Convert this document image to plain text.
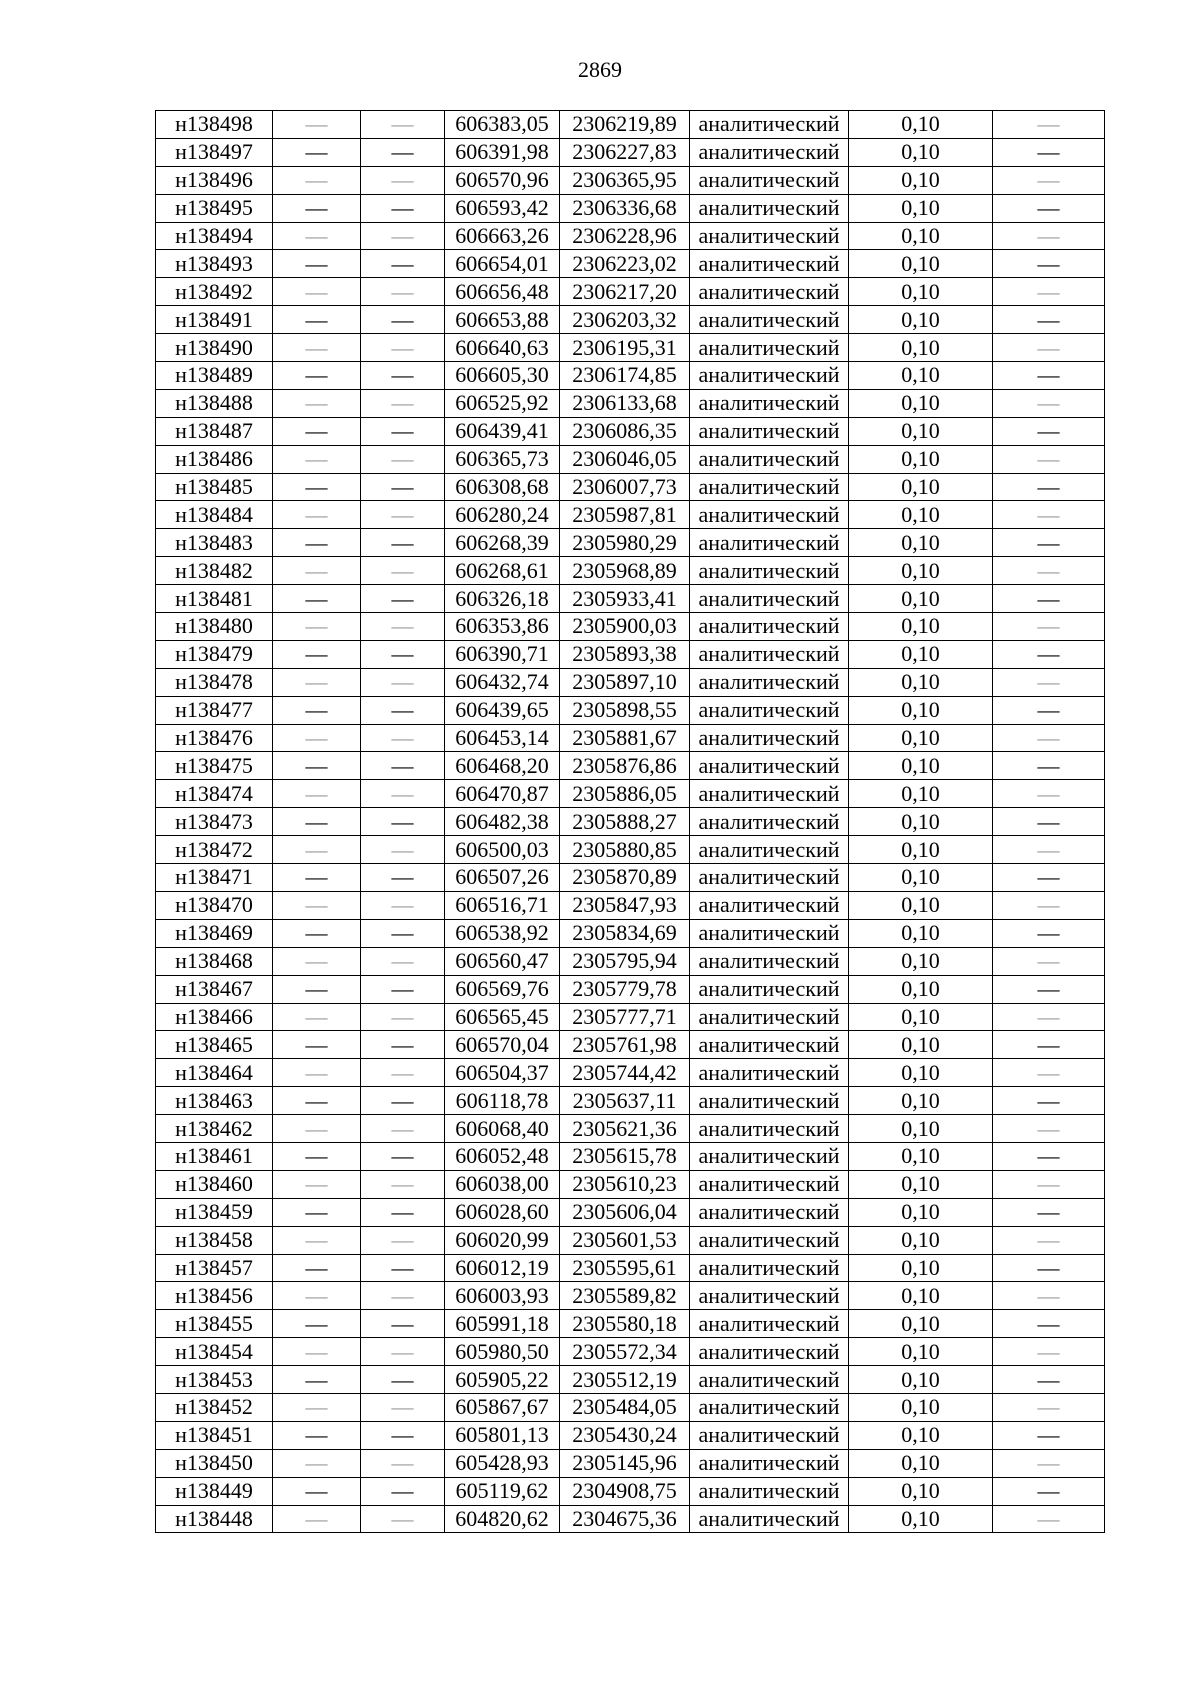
2869
н138498	—	—	606383,05	2306219,89	аналитический	0,10	—
н138497	—	—	606391,98	2306227,83	аналитический	0,10	—
н138496	—	—	606570,96	2306365,95	аналитический	0,10	—
н138495	—	—	606593,42	2306336,68	аналитический	0,10	—
н138494	—	—	606663,26	2306228,96	аналитический	0,10	—
н138493	—	—	606654,01	2306223,02	аналитический	0,10	—
н138492	—	—	606656,48	2306217,20	аналитический	0,10	—
н138491	—	—	606653,88	2306203,32	аналитический	0,10	—
н138490	—	—	606640,63	2306195,31	аналитический	0,10	—
н138489	—	—	606605,30	2306174,85	аналитический	0,10	—
н138488	—	—	606525,92	2306133,68	аналитический	0,10	—
н138487	—	—	606439,41	2306086,35	аналитический	0,10	—
н138486	—	—	606365,73	2306046,05	аналитический	0,10	—
н138485	—	—	606308,68	2306007,73	аналитический	0,10	—
н138484	—	—	606280,24	2305987,81	аналитический	0,10	—
н138483	—	—	606268,39	2305980,29	аналитический	0,10	—
н138482	—	—	606268,61	2305968,89	аналитический	0,10	—
н138481	—	—	606326,18	2305933,41	аналитический	0,10	—
н138480	—	—	606353,86	2305900,03	аналитический	0,10	—
н138479	—	—	606390,71	2305893,38	аналитический	0,10	—
н138478	—	—	606432,74	2305897,10	аналитический	0,10	—
н138477	—	—	606439,65	2305898,55	аналитический	0,10	—
н138476	—	—	606453,14	2305881,67	аналитический	0,10	—
н138475	—	—	606468,20	2305876,86	аналитический	0,10	—
н138474	—	—	606470,87	2305886,05	аналитический	0,10	—
н138473	—	—	606482,38	2305888,27	аналитический	0,10	—
н138472	—	—	606500,03	2305880,85	аналитический	0,10	—
н138471	—	—	606507,26	2305870,89	аналитический	0,10	—
н138470	—	—	606516,71	2305847,93	аналитический	0,10	—
н138469	—	—	606538,92	2305834,69	аналитический	0,10	—
н138468	—	—	606560,47	2305795,94	аналитический	0,10	—
н138467	—	—	606569,76	2305779,78	аналитический	0,10	—
н138466	—	—	606565,45	2305777,71	аналитический	0,10	—
н138465	—	—	606570,04	2305761,98	аналитический	0,10	—
н138464	—	—	606504,37	2305744,42	аналитический	0,10	—
н138463	—	—	606118,78	2305637,11	аналитический	0,10	—
н138462	—	—	606068,40	2305621,36	аналитический	0,10	—
н138461	—	—	606052,48	2305615,78	аналитический	0,10	—
н138460	—	—	606038,00	2305610,23	аналитический	0,10	—
н138459	—	—	606028,60	2305606,04	аналитический	0,10	—
н138458	—	—	606020,99	2305601,53	аналитический	0,10	—
н138457	—	—	606012,19	2305595,61	аналитический	0,10	—
н138456	—	—	606003,93	2305589,82	аналитический	0,10	—
н138455	—	—	605991,18	2305580,18	аналитический	0,10	—
н138454	—	—	605980,50	2305572,34	аналитический	0,10	—
н138453	—	—	605905,22	2305512,19	аналитический	0,10	—
н138452	—	—	605867,67	2305484,05	аналитический	0,10	—
н138451	—	—	605801,13	2305430,24	аналитический	0,10	—
н138450	—	—	605428,93	2305145,96	аналитический	0,10	—
н138449	—	—	605119,62	2304908,75	аналитический	0,10	—
н138448	—	—	604820,62	2304675,36	аналитический	0,10	—
